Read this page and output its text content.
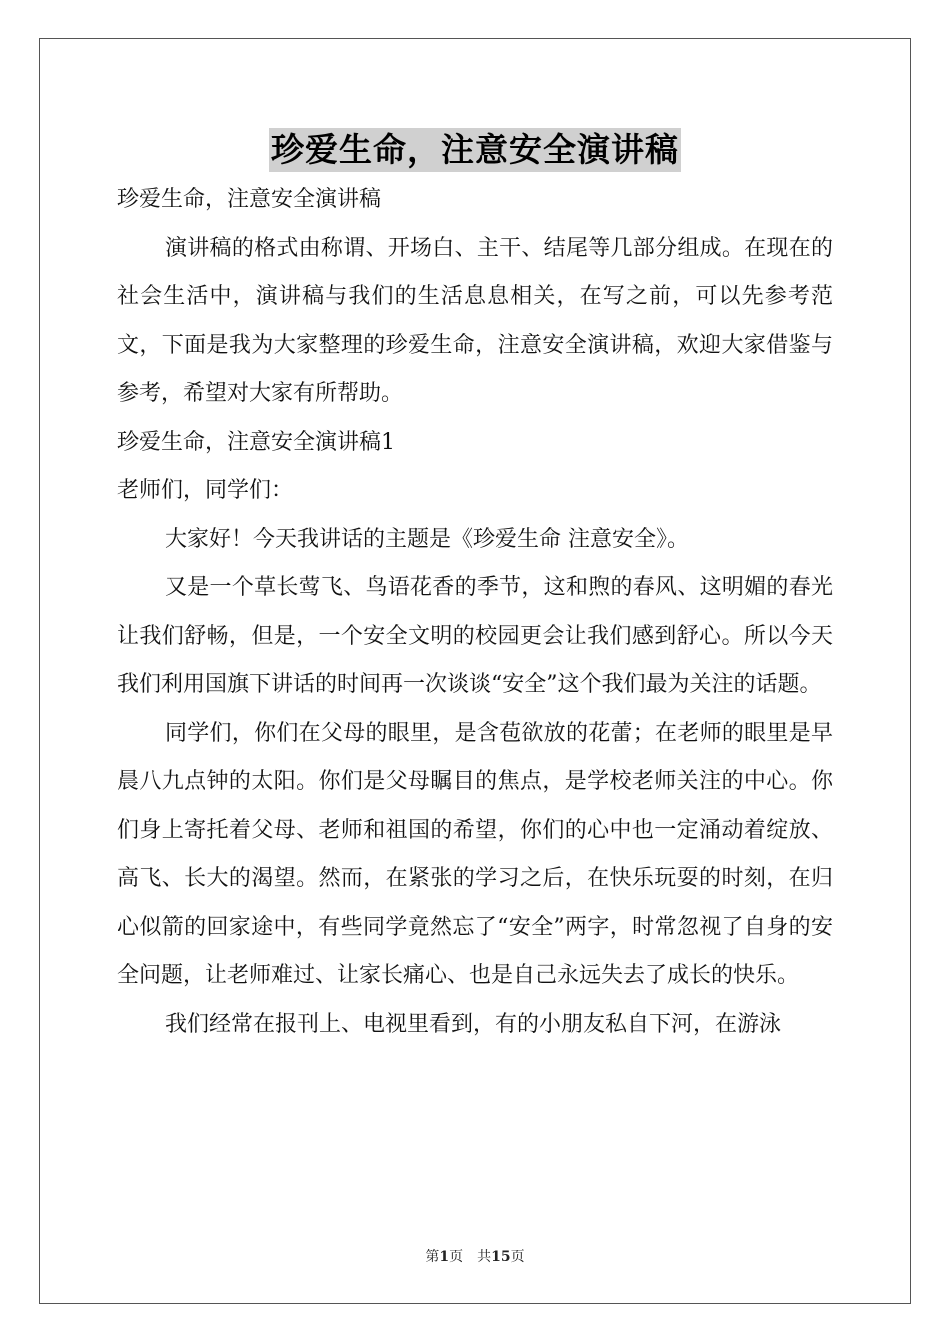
珍爱生命，注意安全演讲稿
珍爱生命，注意安全演讲稿
演讲稿的格式由称谓、开场白、主干、结尾等几部分组成。在现在的社会生活中，演讲稿与我们的生活息息相关，在写之前，可以先参考范文，下面是我为大家整理的珍爱生命，注意安全演讲稿，欢迎大家借鉴与参考，希望对大家有所帮助。
珍爱生命，注意安全演讲稿1
老师们，同学们：
大家好！今天我讲话的主题是《珍爱生命 注意安全》。
又是一个草长莺飞、鸟语花香的季节，这和煦的春风、这明媚的春光让我们舒畅，但是，一个安全文明的校园更会让我们感到舒心。所以今天我们利用国旗下讲话的时间再一次谈谈“安全”这个我们最为关注的话题。
同学们，你们在父母的眼里，是含苞欲放的花蕾；在老师的眼里是早晨八九点钟的太阳。你们是父母瞩目的焦点，是学校老师关注的中心。你们身上寄托着父母、老师和祖国的希望，你们的心中也一定涌动着绽放、高飞、长大的渴望。然而，在紧张的学习之后，在快乐玩耍的时刻，在归心似箭的回家途中，有些同学竟然忘了“安全”两字，时常忽视了自身的安全问题，让老师难过、让家长痛心、也是自己永远失去了成长的快乐。
我们经常在报刊上、电视里看到，有的小朋友私自下河，在游泳
第1页　共15页
